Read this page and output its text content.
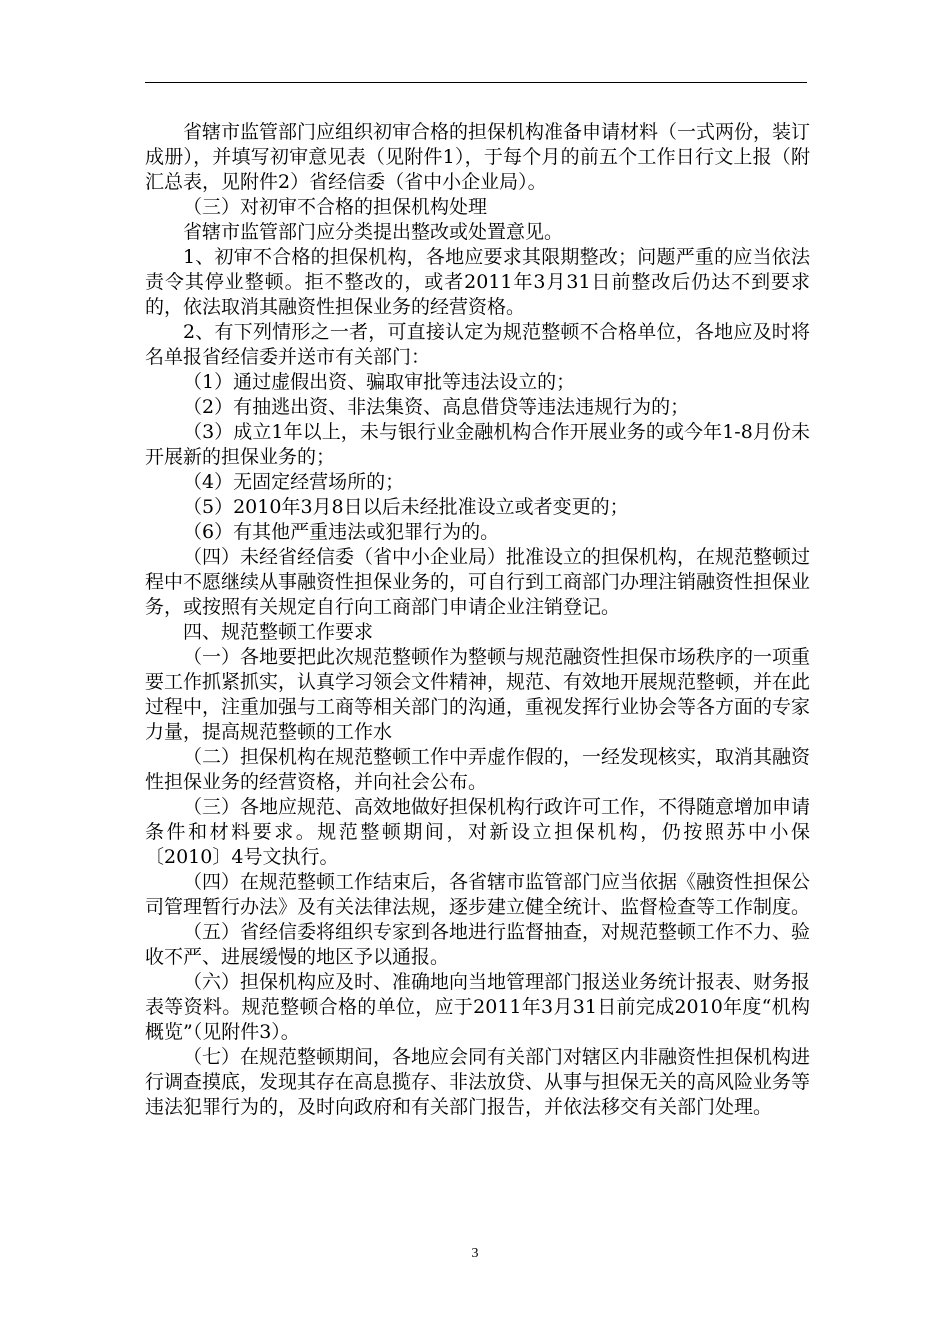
省辖市监管部门应组织初审合格的担保机构准备申请材料（一式两份，装订成册），并填写初审意见表（见附件1），于每个月的前五个工作日行文上报（附汇总表，见附件2）省经信委（省中小企业局）。

（三）对初审不合格的担保机构处理

省辖市监管部门应分类提出整改或处置意见。

1、初审不合格的担保机构，各地应要求其限期整改；问题严重的应当依法责令其停业整顿。拒不整改的，或者2011年3月31日前整改后仍达不到要求的，依法取消其融资性担保业务的经营资格。

2、有下列情形之一者，可直接认定为规范整顿不合格单位，各地应及时将名单报省经信委并送市有关部门：

（1）通过虚假出资、骗取审批等违法设立的；

（2）有抽逃出资、非法集资、高息借贷等违法违规行为的；

（3）成立1年以上，未与银行业金融机构合作开展业务的或今年1-8月份未开展新的担保业务的；

（4）无固定经营场所的；

（5）2010年3月8日以后未经批准设立或者变更的；

（6）有其他严重违法或犯罪行为的。

（四）未经省经信委（省中小企业局）批准设立的担保机构，在规范整顿过程中不愿继续从事融资性担保业务的，可自行到工商部门办理注销融资性担保业务，或按照有关规定自行向工商部门申请企业注销登记。

四、规范整顿工作要求

（一）各地要把此次规范整顿作为整顿与规范融资性担保市场秩序的一项重要工作抓紧抓实，认真学习领会文件精神，规范、有效地开展规范整顿，并在此过程中，注重加强与工商等相关部门的沟通，重视发挥行业协会等各方面的专家力量，提高规范整顿的工作水

（二）担保机构在规范整顿工作中弄虚作假的，一经发现核实，取消其融资性担保业务的经营资格，并向社会公布。

（三）各地应规范、高效地做好担保机构行政许可工作，不得随意增加申请条件和材料要求。规范整顿期间，对新设立担保机构，仍按照苏中小保〔2010〕4号文执行。

（四）在规范整顿工作结束后，各省辖市监管部门应当依据《融资性担保公司管理暂行办法》及有关法律法规，逐步建立健全统计、监督检查等工作制度。

（五）省经信委将组织专家到各地进行监督抽查，对规范整顿工作不力、验收不严、进展缓慢的地区予以通报。

（六）担保机构应及时、准确地向当地管理部门报送业务统计报表、财务报表等资料。规范整顿合格的单位，应于2011年3月31日前完成2010年度“机构概览”（见附件3）。

（七）在规范整顿期间，各地应会同有关部门对辖区内非融资性担保机构进行调查摸底，发现其存在高息揽存、非法放贷、从事与担保无关的高风险业务等违法犯罪行为的，及时向政府和有关部门报告，并依法移交有关部门处理。

3
